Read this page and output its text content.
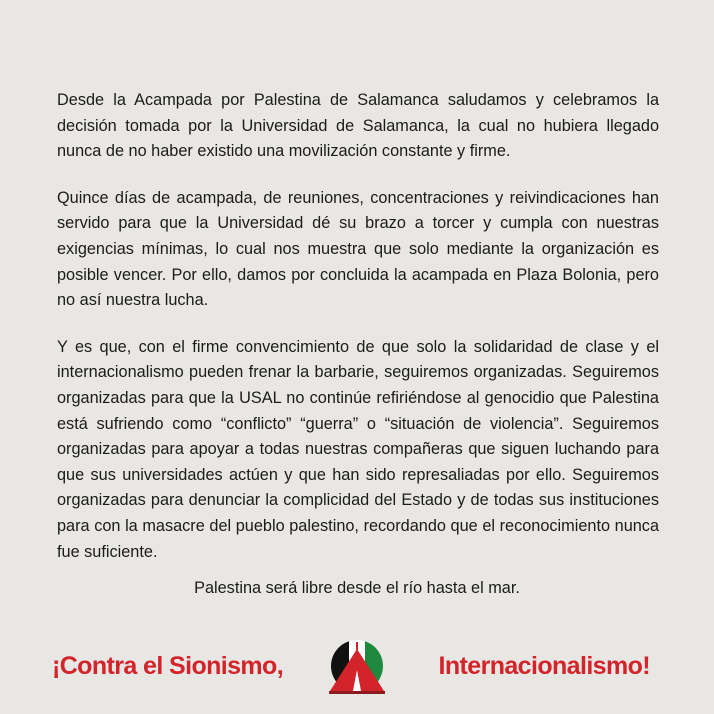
Desde la Acampada por Palestina de Salamanca saludamos y celebramos la decisión tomada por la Universidad de Salamanca, la cual no hubiera llegado nunca de no haber existido una movilización constante y firme.

Quince días de acampada, de reuniones, concentraciones y reivindicaciones han servido para que la Universidad dé su brazo a torcer y cumpla con nuestras exigencias mínimas, lo cual nos muestra que solo mediante la organización es posible vencer. Por ello, damos por concluida la acampada en Plaza Bolonia, pero no así nuestra lucha.

Y es que, con el firme convencimiento de que solo la solidaridad de clase y el internacionalismo pueden frenar la barbarie, seguiremos organizadas. Seguiremos organizadas para que la USAL no continúe refiriéndose al genocidio que Palestina está sufriendo como “conflicto” “guerra” o “situación de violencia”. Seguiremos organizadas para apoyar a todas nuestras compañeras que siguen luchando para que sus universidades actúen y que han sido represaliadas por ello. Seguiremos organizadas para denunciar la complicidad del Estado y de todas sus instituciones para con la masacre del pueblo palestino, recordando que el reconocimiento nunca fue suficiente.

Palestina será libre desde el río hasta el mar.
¡Contra el Sionismo,	Internacionalismo!
